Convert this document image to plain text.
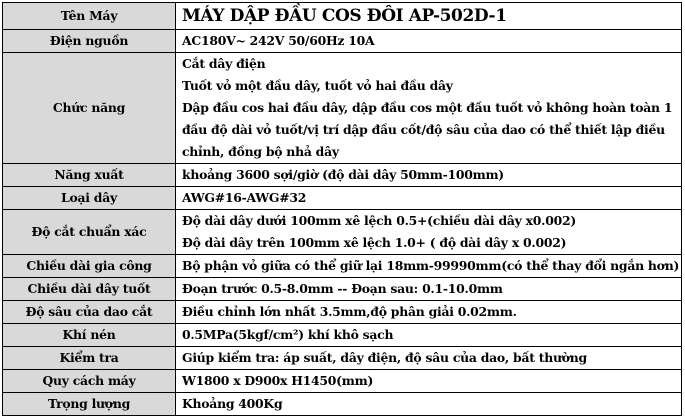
Tên Máy	MÁY DẬP ĐẦU COS ĐÔI AP-502D-1

Điện nguồn	AC180V~ 242V 50/60Hz 10A

Chức năng	Cắt dây điện
Tuốt vỏ một đầu dây, tuốt vỏ hai đầu dây
Dập đầu cos hai đầu dây, dập đầu cos một đầu tuốt vỏ không hoàn toàn 1
đầu độ dài vỏ tuốt/vị trí dập đầu cốt/độ sâu của dao có thể thiết lập điều
chỉnh, đồng bộ nhả dây

Năng xuất	khoảng 3600 sợi/giờ (độ dài dây 50mm-100mm)

Loại dây	AWG#16-AWG#32

Độ cắt chuẩn xác	Độ dài dây dưới 100mm xê lệch 0.5+(chiều dài dây x0.002)
Độ dài dây trên 100mm xê lệch 1.0+ ( độ dài dây x 0.002)

Chiều dài gia công	Bộ phận vỏ giữa có thể giữ lại 18mm-99990mm(có thể thay đổi ngắn hơn)

Chiều dài dây tuốt	Đoạn trước 0.5-8.0mm -- Đoạn sau: 0.1-10.0mm

Độ sâu của dao cắt	Điều chỉnh lớn nhất 3.5mm,độ phân giải 0.02mm.

Khí nén	0.5MPa(5kgf/cm²) khí khô sạch

Kiểm tra	Giúp kiểm tra: áp suất, dây điện, độ sâu của dao, bất thường

Quy cách máy	W1800 x D900x H1450(mm)

Trọng lượng	Khoảng 400Kg
